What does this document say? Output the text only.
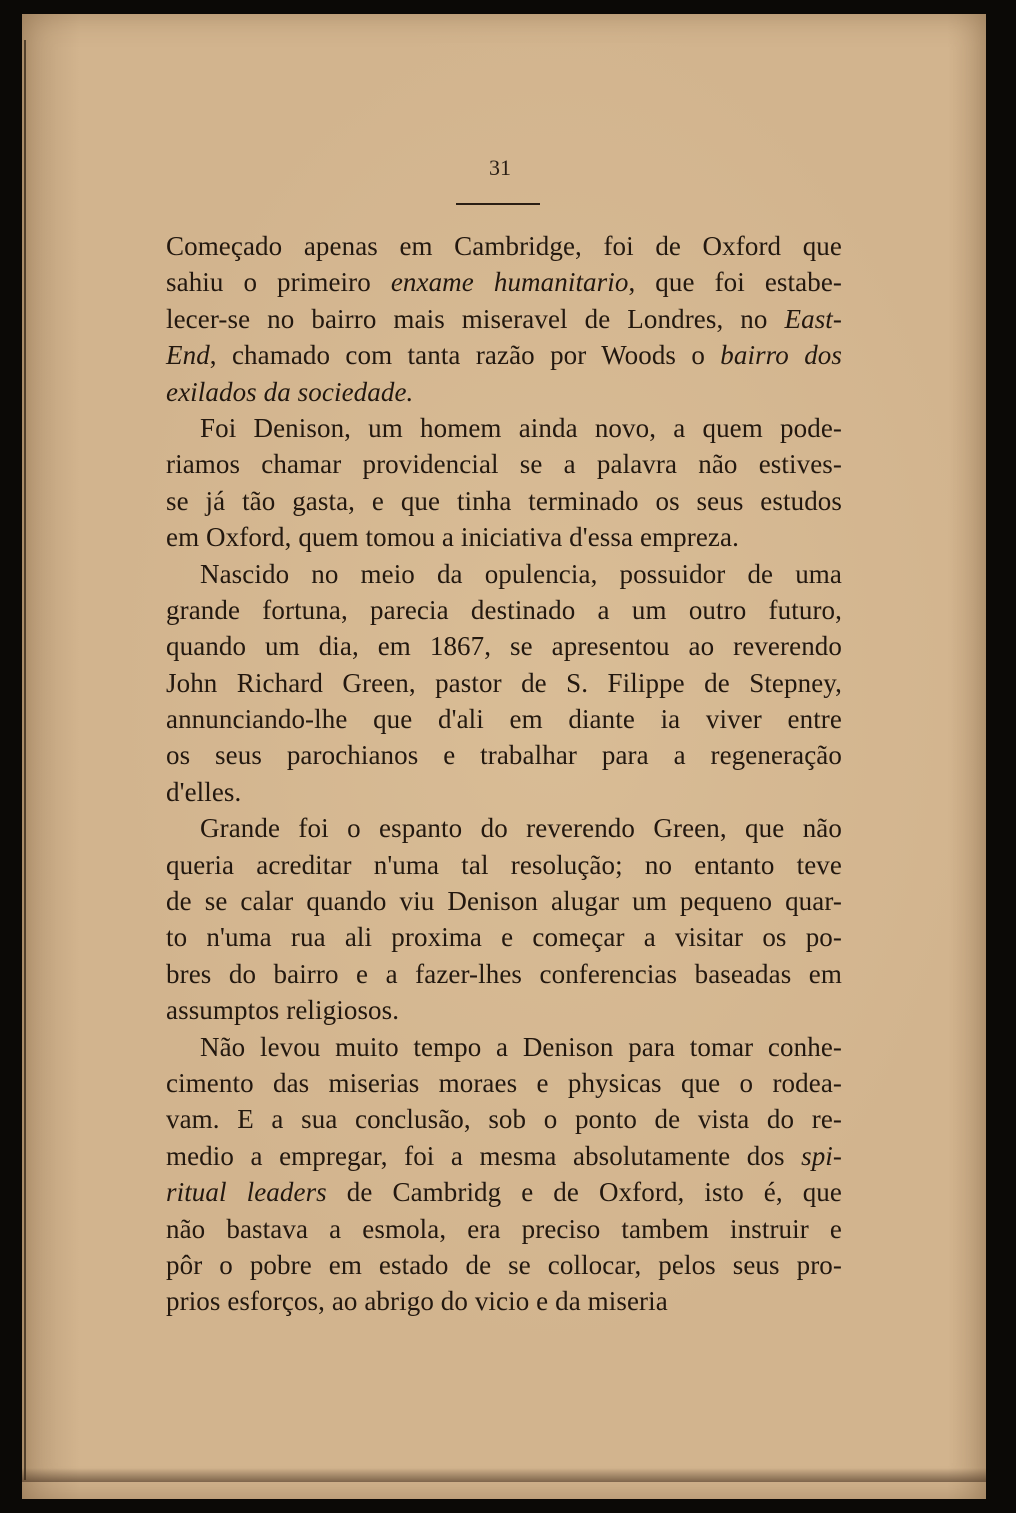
31
Começado apenas em Cambridge, foi de Oxford que
sahiu o primeiro enxame humanitario, que foi estabe-
lecer-se no bairro mais miseravel de Londres, no East-
End, chamado com tanta razão por Woods o bairro dos
exilados da sociedade.
Foi Denison, um homem ainda novo, a quem pode-
riamos chamar providencial se a palavra não estives-
se já tão gasta, e que tinha terminado os seus estudos
em Oxford, quem tomou a iniciativa d'essa empreza.
Nascido no meio da opulencia, possuidor de uma
grande fortuna, parecia destinado a um outro futuro,
quando um dia, em 1867, se apresentou ao reverendo
John Richard Green, pastor de S. Filippe de Stepney,
annunciando-lhe que d'ali em diante ia viver entre
os seus parochianos e trabalhar para a regeneração
d'elles.
Grande foi o espanto do reverendo Green, que não
queria acreditar n'uma tal resolução; no entanto teve
de se calar quando viu Denison alugar um pequeno quar-
to n'uma rua ali proxima e começar a visitar os po-
bres do bairro e a fazer-lhes conferencias baseadas em
assumptos religiosos.
Não levou muito tempo a Denison para tomar conhe-
cimento das miserias moraes e physicas que o rodea-
vam. E a sua conclusão, sob o ponto de vista do re-
medio a empregar, foi a mesma absolutamente dos spi-
ritual leaders de Cambridg e de Oxford, isto é, que
não bastava a esmola, era preciso tambem instruir e
pôr o pobre em estado de se collocar, pelos seus pro-
prios esforços, ao abrigo do vicio e da miseria
